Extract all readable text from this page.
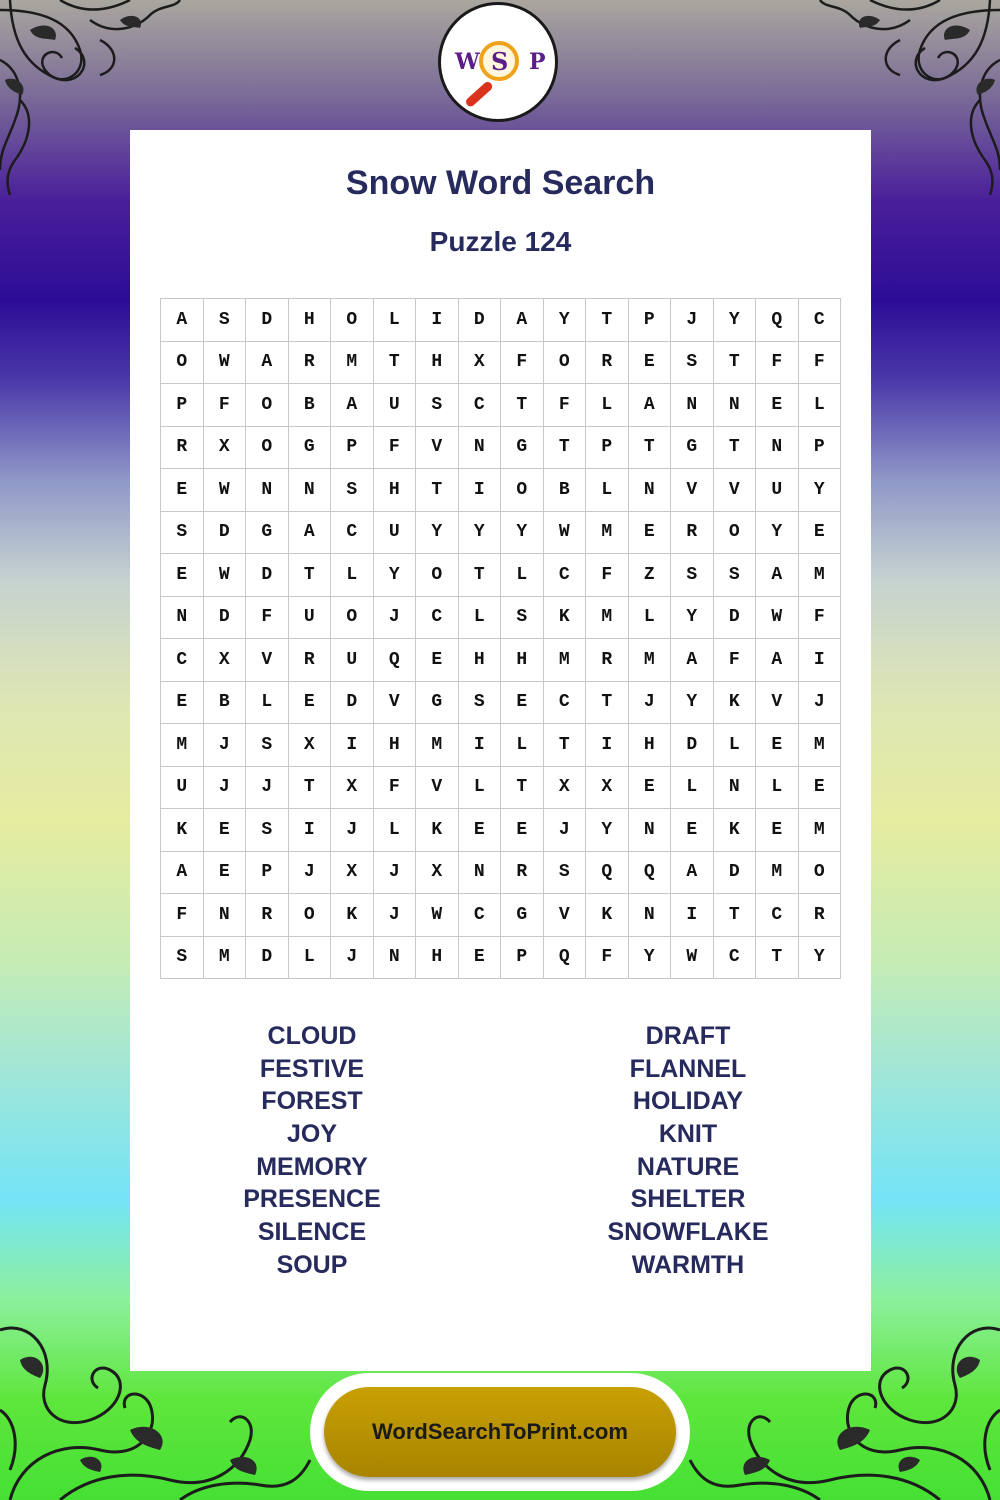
W S P
Snow Word Search
Puzzle 124
A	S	D	H	O	L	I	D	A	Y	T	P	J	Y	Q	C
O	W	A	R	M	T	H	X	F	O	R	E	S	T	F	F
P	F	O	B	A	U	S	C	T	F	L	A	N	N	E	L
R	X	O	G	P	F	V	N	G	T	P	T	G	T	N	P
E	W	N	N	S	H	T	I	O	B	L	N	V	V	U	Y
S	D	G	A	C	U	Y	Y	Y	W	M	E	R	O	Y	E
E	W	D	T	L	Y	O	T	L	C	F	Z	S	S	A	M
N	D	F	U	O	J	C	L	S	K	M	L	Y	D	W	F
C	X	V	R	U	Q	E	H	H	M	R	M	A	F	A	I
E	B	L	E	D	V	G	S	E	C	T	J	Y	K	V	J
M	J	S	X	I	H	M	I	L	T	I	H	D	L	E	M
U	J	J	T	X	F	V	L	T	X	X	E	L	N	L	E
K	E	S	I	J	L	K	E	E	J	Y	N	E	K	E	M
A	E	P	J	X	J	X	N	R	S	Q	Q	A	D	M	O
F	N	R	O	K	J	W	C	G	V	K	N	I	T	C	R
S	M	D	L	J	N	H	E	P	Q	F	Y	W	C	T	Y
CLOUD
FESTIVE
FOREST
JOY
MEMORY
PRESENCE
SILENCE
SOUP
DRAFT
FLANNEL
HOLIDAY
KNIT
NATURE
SHELTER
SNOWFLAKE
WARMTH
WordSearchToPrint.com
